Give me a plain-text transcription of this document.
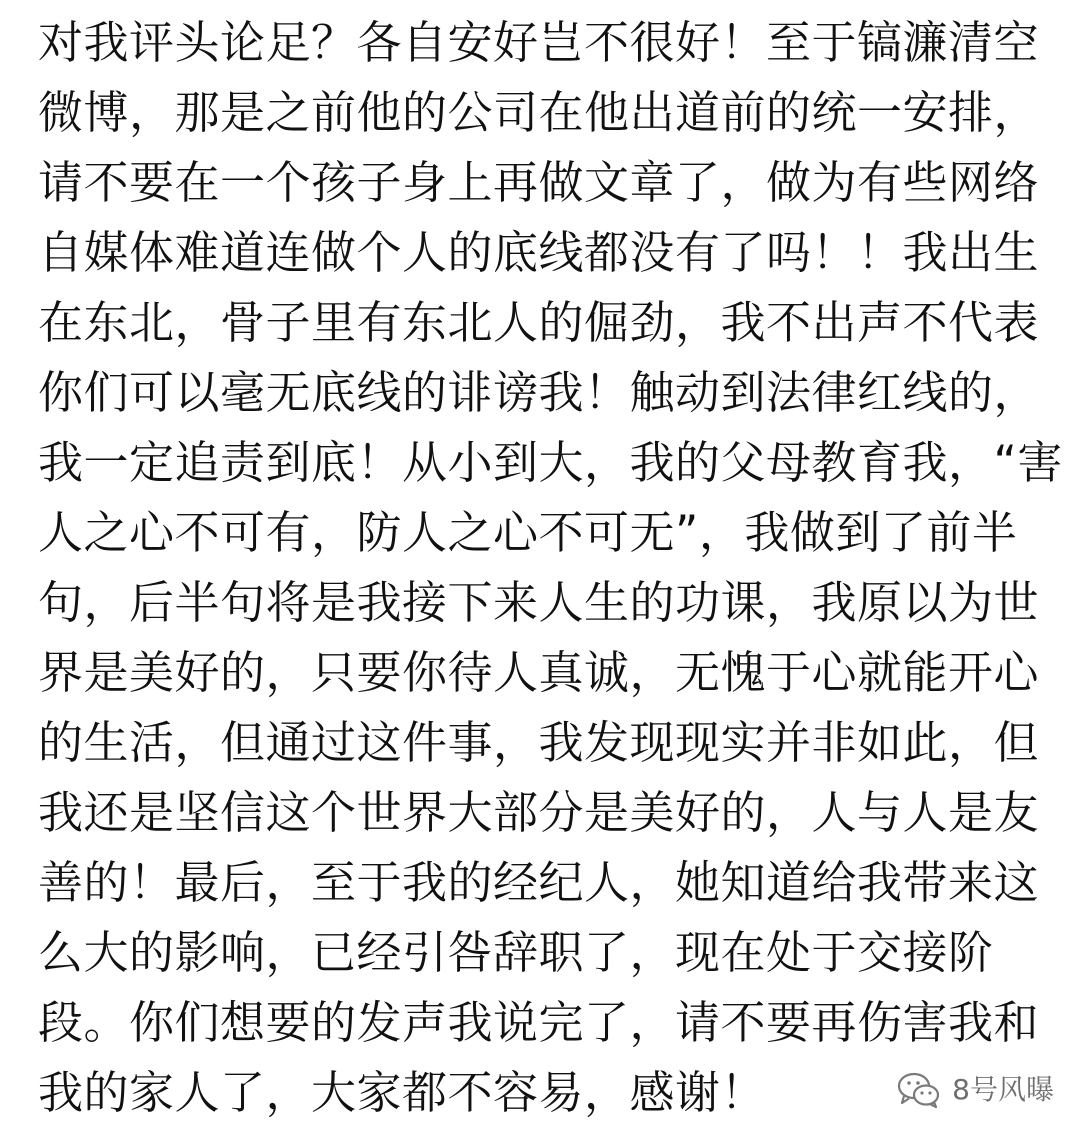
对我评头论足？各自安好岂不很好！至于镐濂清空
微博，那是之前他的公司在他出道前的统一安排，
请不要在一个孩子身上再做文章了，做为有些网络
自媒体难道连做个人的底线都没有了吗！！我出生
在东北，骨子里有东北人的倔劲，我不出声不代表
你们可以毫无底线的诽谤我！触动到法律红线的，
我一定追责到底！从小到大，我的父母教育我，“害
人之心不可有，防人之心不可无”，我做到了前半
句，后半句将是我接下来人生的功课，我原以为世
界是美好的，只要你待人真诚，无愧于心就能开心
的生活，但通过这件事，我发现现实并非如此，但
我还是坚信这个世界大部分是美好的，人与人是友
善的！最后，至于我的经纪人，她知道给我带来这
么大的影响，已经引咎辞职了，现在处于交接阶
段。你们想要的发声我说完了，请不要再伤害我和
我的家人了，大家都不容易，感谢！	8号风曝
